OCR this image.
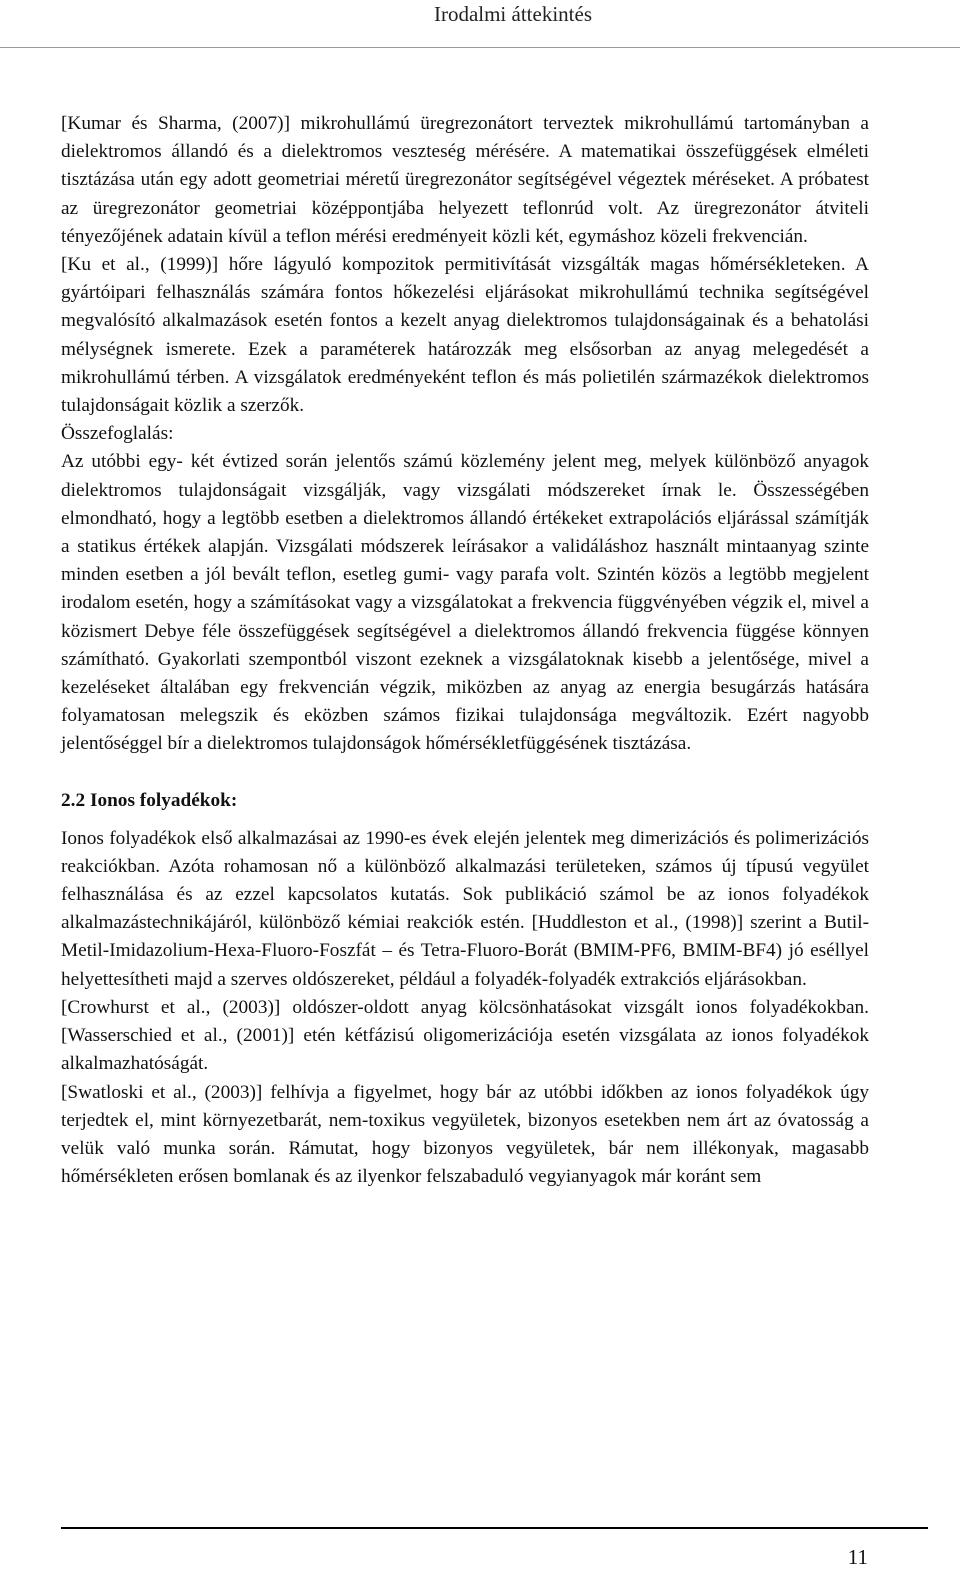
Irodalmi áttekintés

[Kumar és Sharma, (2007)] mikrohullámú üregrezonátort terveztek mikrohullámú tartományban a dielektromos állandó és a dielektromos veszteség mérésére. A matematikai összefüggések elméleti tisztázása után egy adott geometriai méretű üregrezonátor segítségével végeztek méréseket. A próbatest az üregrezonátor geometriai középpontjába helyezett teflonrúd volt. Az üregrezonátor átviteli tényezőjének adatain kívül a teflon mérési eredményeit közli két, egymáshoz közeli frekvencián.

[Ku et al., (1999)] hőre lágyuló kompozitok permitivítását vizsgálták magas hőmérsékleteken. A gyártóipari felhasználás számára fontos hőkezelési eljárásokat mikrohullámú technika segítségével megvalósító alkalmazások esetén fontos a kezelt anyag dielektromos tulajdonságainak és a behatolási mélységnek ismerete. Ezek a paraméterek határozzák meg elsősorban az anyag melegedését a mikrohullámú térben. A vizsgálatok eredményeként teflon és más polietilén származékok dielektromos tulajdonságait közlik a szerzők.

Összefoglalás:

Az utóbbi egy- két évtized során jelentős számú közlemény jelent meg, melyek különböző anyagok dielektromos tulajdonságait vizsgálják, vagy vizsgálati módszereket írnak le. Összességében elmondható, hogy a legtöbb esetben a dielektromos állandó értékeket extrapolációs eljárással számítják a statikus értékek alapján. Vizsgálati módszerek leírásakor a validáláshoz használt mintaanyag szinte minden esetben a jól bevált teflon, esetleg gumi- vagy parafa volt. Szintén közös a legtöbb megjelent irodalom esetén, hogy a számításokat vagy a vizsgálatokat a frekvencia függvényében végzik el, mivel a közismert Debye féle összefüggések segítségével a dielektromos állandó frekvencia függése könnyen számítható. Gyakorlati szempontból viszont ezeknek a vizsgálatoknak kisebb a jelentősége, mivel a kezeléseket általában egy frekvencián végzik, miközben az anyag az energia besugárzás hatására folyamatosan melegszik és eközben számos fizikai tulajdonsága megváltozik. Ezért nagyobb jelentőséggel bír a dielektromos tulajdonságok hőmérsékletfüggésének tisztázása.

2.2 Ionos folyadékok:

Ionos folyadékok első alkalmazásai az 1990-es évek elején jelentek meg dimerizációs és polimerizációs reakciókban. Azóta rohamosan nő a különböző alkalmazási területeken, számos új típusú vegyület felhasználása és az ezzel kapcsolatos kutatás. Sok publikáció számol be az ionos folyadékok alkalmazástechnikájáról, különböző kémiai reakciók estén. [Huddleston et al., (1998)] szerint a Butil-Metil-Imidazolium-Hexa-Fluoro-Foszfát – és Tetra-Fluoro-Borát (BMIM-PF6, BMIM-BF4) jó eséllyel helyettesítheti majd a szerves oldószereket, például a folyadék-folyadék extrakciós eljárásokban.

[Crowhurst et al., (2003)] oldószer-oldott anyag kölcsönhatásokat vizsgált ionos folyadékokban. [Wasserschied et al., (2001)] etén kétfázisú oligomerizációja esetén vizsgálata az ionos folyadékok alkalmazhatóságát.

[Swatloski et al., (2003)] felhívja a figyelmet, hogy bár az utóbbi időkben az ionos folyadékok úgy terjedtek el, mint környezetbarát, nem-toxikus vegyületek, bizonyos esetekben nem árt az óvatosság a velük való munka során. Rámutat, hogy bizonyos vegyületek, bár nem illékonyak, magasabb hőmérsékleten erősen bomlanak és az ilyenkor felszabaduló vegyianyagok már koránt sem

11
